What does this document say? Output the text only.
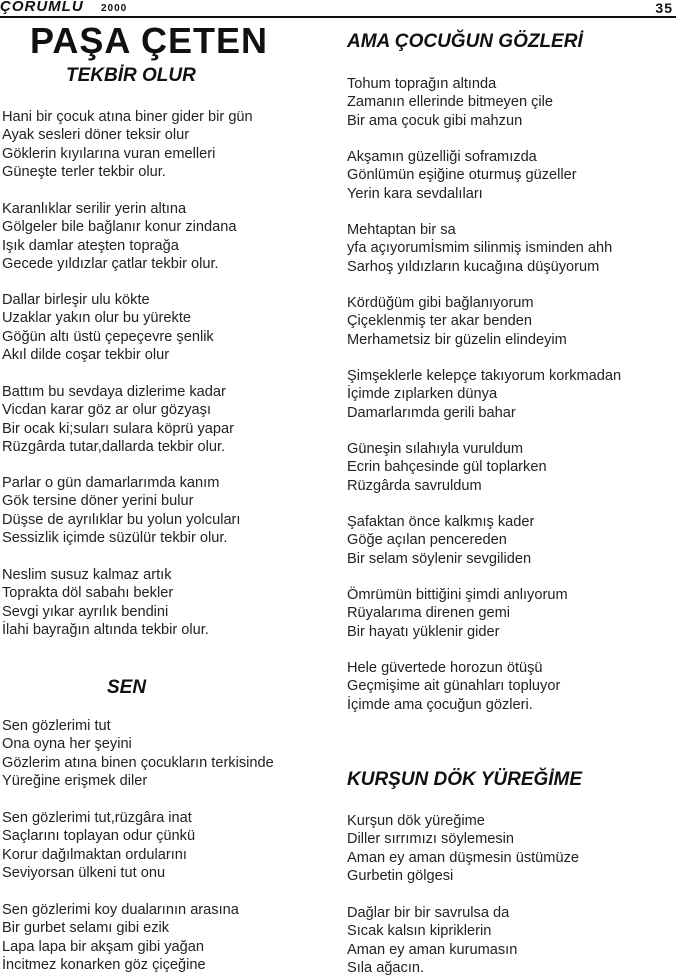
ÇORUMLU 2000	35
PAŞA ÇETEN
TEKBİR OLUR
Hani bir çocuk atına biner gider bir gün
Ayak sesleri döner teksir olur
Göklerin kıyılarına vuran emelleri
Güneşte terler tekbir olur.
Karanlıklar serilir yerin altına
Gölgeler bile bağlanır konur zindana
Işık damlar ateşten toprağa
Gecede yıldızlar çatlar tekbir olur.
Dallar birleşir ulu kökte
Uzaklar yakın olur bu yürekte
Göğün altı üstü çepeçevre şenlik
Akıl dilde coşar tekbir olur
Battım bu sevdaya dizlerime kadar
Vicdan karar göz ar olur gözyaşı
Bir ocak ki;suları sulara köprü yapar
Rüzgârda tutar,dallarda tekbir olur.
Parlar o gün damarlarımda kanım
Gök tersine döner yerini bulur
Düşse de ayrılıklar bu yolun yolcuları
Sessizlik içimde süzülür tekbir olur.
Neslim susuz kalmaz artık
Toprakta döl sabahı bekler
Sevgi yıkar ayrılık bendini
İlahi bayrağın altında tekbir olur.
SEN
Sen gözlerimi tut
Ona oyna her şeyini
Gözlerim atına binen çocukların terkisinde
Yüreğine erişmek diler
Sen gözlerimi tut,rüzgâra inat
Saçlarını toplayan odur çünkü
Korur dağılmaktan ordularını
Seviyorsan ülkeni tut onu
Sen gözlerimi koy dualarının arasına
Bir gurbet selamı gibi ezik
Lapa lapa bir akşam gibi yağan
İncitmez konarken göz çiçeğine
AMA ÇOCUĞUN GÖZLERİ
Tohum toprağın altında
Zamanın ellerinde bitmeyen çile
Bir ama çocuk gibi mahzun
Akşamın güzelliği soframızda
Gönlümün eşiğine oturmuş güzeller
Yerin kara sevdalıları
Mehtaptan bir sa
yfa açıyorumİsmim silinmiş isminden ahh
Sarhoş yıldızların kucağına düşüyorum
Kördüğüm gibi bağlanıyorum
Çiçeklenmiş ter akar benden
Merhametsiz bir güzelin elindeyim
Şimşeklerle kelepçe takıyorum korkmadan
İçimde zıplarken dünya
Damarlarımda gerili bahar
Güneşin sılahıyla vuruldum
Ecrin bahçesinde gül toplarken
Rüzgârda savruldum
Şafaktan önce kalkmış kader
Göğe açılan pencereden
Bir selam söylenir sevgiliden
Ömrümün bittiğini şimdi anlıyorum
Rüyalarıma direnen gemi
Bir hayatı yüklenir gider
Hele güvertede horozun ötüşü
Geçmişime ait günahları topluyor
İçimde ama çocuğun gözleri.
KURŞUN DÖK YÜREĞİME
Kurşun dök yüreğime
Diller sırrımızı söylemesin
Aman ey aman düşmesin üstümüze
Gurbetin gölgesi
Dağlar bir bir savrulsa da
Sıcak kalsın kipriklerin
Aman ey aman kurumasın
Sıla ağacın.
